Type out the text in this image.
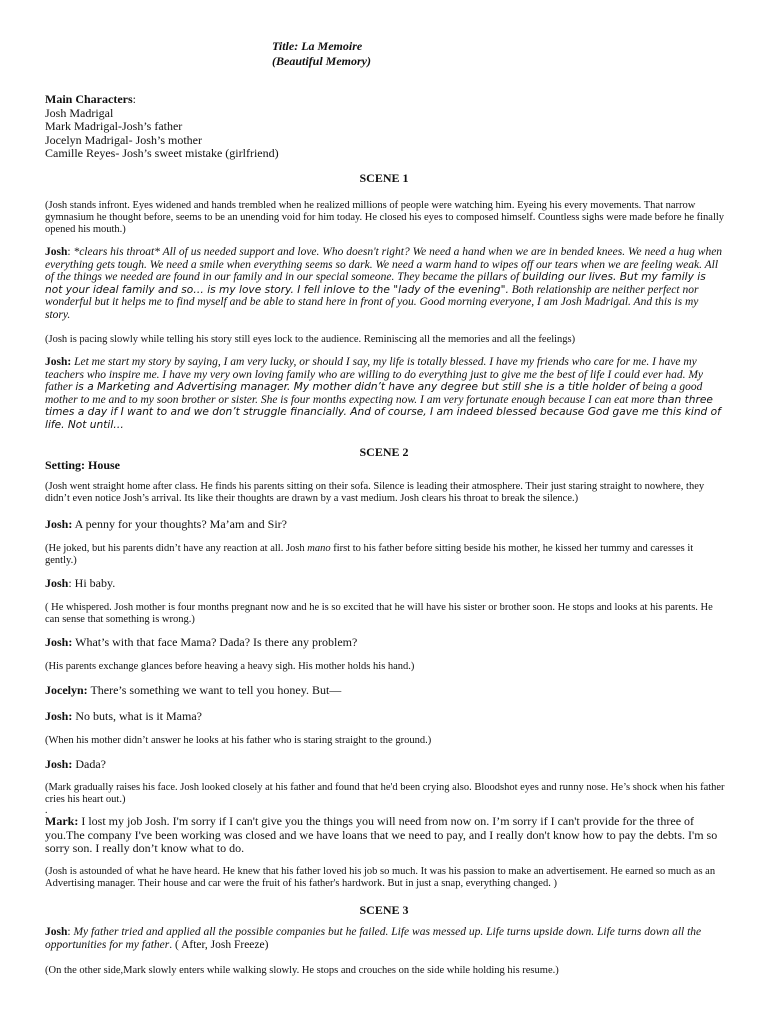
Title: La Memoire
(Beautiful Memory)
Main Characters:
Josh Madrigal
Mark Madrigal-Josh’s father
Jocelyn Madrigal- Josh’s mother
Camille Reyes- Josh’s sweet mistake (girlfriend)
SCENE 1
(Josh stands infront. Eyes widened and hands trembled when he realized millions of people were watching him. Eyeing his every movements. That narrow gymnasium he thought before, seems to be an unending void for him today. He closed his eyes to composed himself. Countless sighs were made before he finally opened his mouth.)
Josh: *clears his throat* All of us needed support and love. Who doesn't right? We need a hand when we are in bended knees. We need a hug when everything gets tough. We need a smile when everything seems so dark. We need a warm hand to wipes off our tears when we are feeling weak. All of the things we needed are found in our family and in our special someone. They became the pillars of building our lives. But my family is not your ideal family and so… is my love story. I fell inlove to the "lady of the evening". Both relationship are neither perfect nor wonderful but it helps me to find myself and be able to stand here in front of you. Good morning everyone, I am Josh Madrigal. And this is my story.
(Josh is pacing slowly while telling his story still eyes lock to the audience. Reminiscing all the memories and all the feelings)
Josh: Let me start my story by saying, I am very lucky, or should I say, my life is totally blessed. I have my friends who care for me. I have my teachers who inspire me. I have my very own loving family who are willing to do everything just to give me the best of life I could ever had. My father is a Marketing and Advertising manager. My mother didn’t have any degree but still she is a title holder of being a good mother to me and to my soon brother or sister. She is four months expecting now. I am very fortunate enough because I can eat more than three times a day if I want to and we don’t struggle financially. And of course, I am indeed blessed because God gave me this kind of life. Not until…
SCENE 2
Setting: House
(Josh went straight home after class. He finds his parents sitting on their sofa. Silence is leading their atmosphere. Their just staring straight to nowhere, they didn’t even notice Josh’s arrival. Its like their thoughts are drawn by a vast medium. Josh clears his throat to break the silence.)
Josh: A penny for your thoughts? Ma’am and Sir?
(He joked, but his parents didn’t have any reaction at all. Josh mano first to his father before sitting beside his mother, he kissed her tummy and caresses it gently.)
Josh: Hi baby.
( He whispered. Josh mother is four months pregnant now and he is so excited that he will have his sister or brother soon. He stops and looks at his parents. He can sense that something is wrong.)
Josh: What’s with that face Mama? Dada? Is there any problem?
(His parents exchange glances before heaving a heavy sigh. His mother holds his hand.)
Jocelyn: There’s something we want to tell you honey. But—
Josh: No buts, what is it Mama?
(When his mother didn’t answer he looks at his father who is staring straight to the ground.)
Josh: Dada?
(Mark gradually raises his face. Josh looked closely at his father and found that he'd been crying also. Bloodshot eyes and runny nose. He’s shock when his father cries his heart out.)
.
Mark: I lost my job Josh. I'm sorry if I can't give you the things you will need from now on. I’m sorry if I can't provide for the three of you.The company I've been working was closed and we have loans that we need to pay, and I really don't know how to pay the debts. I'm so sorry son. I really don’t know what to do.
(Josh is astounded of what he have heard. He knew that his father loved his job so much. It was his passion to make an advertisement. He earned so much as an Advertising manager. Their house and car were the fruit of his father's hardwork. But in just a snap, everything changed. )
SCENE 3
Josh: My father tried and applied all the possible companies but he failed. Life was messed up. Life turns upside down. Life turns down all the opportunities for my father. ( After, Josh Freeze)
(On the other side,Mark slowly enters while walking slowly. He stops and crouches on the side while holding his resume.)
